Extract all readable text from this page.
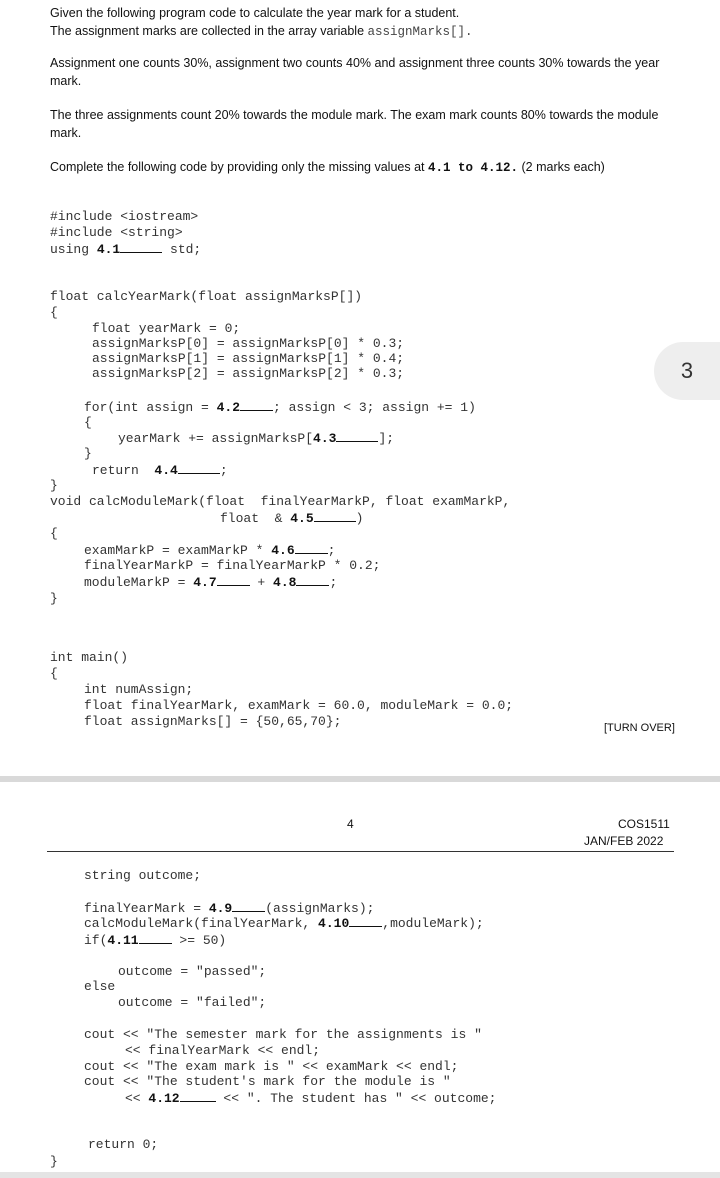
Given the following program code to calculate the year mark for a student.
The assignment marks are collected in the array variable assignMarks[].
Assignment one counts 30%, assignment two counts 40% and assignment three counts 30% towards the year mark.
The three assignments count 20% towards the module mark. The exam mark counts 80% towards the module mark.
Complete the following code by providing only the missing values at 4.1 to 4.12. (2 marks each)
#include <iostream>
#include <string>
using 4.1	std;
float calcYearMark(float assignMarksP[])
{
float yearMark = 0;
assignMarksP[0] = assignMarksP[0] * 0.3;
assignMarksP[1] = assignMarksP[1] * 0.4;
assignMarksP[2] = assignMarksP[2] * 0.3;
for(int assign = 4.2	; assign < 3; assign += 1)
{
yearMark += assignMarksP[4.3	];
}
return  4.4	;
}
void calcModuleMark(float  finalYearMarkP, float examMarkP,
float  & 4.5	)
{
examMarkP = examMarkP * 4.6	;
finalYearMarkP = finalYearMarkP * 0.2;
moduleMarkP = 4.7	+ 4.8	;
}
int main()
{
int numAssign;
float finalYearMark, examMark = 60.0, moduleMark = 0.0;
float assignMarks[] = {50,65,70};
3
[TURN OVER]
4	COS1511
JAN/FEB 2022
string outcome;
finalYearMark = 4.9	(assignMarks);
calcModuleMark(finalYearMark, 4.10	,moduleMark);
if(4.11	>= 50)
outcome = "passed";
else
outcome = "failed";
cout << "The semester mark for the assignments is "
<< finalYearMark << endl;
cout << "The exam mark is " << examMark << endl;
cout << "The student's mark for the module is "
<< 4.12	<< ". The student has " << outcome;
return 0;
}
